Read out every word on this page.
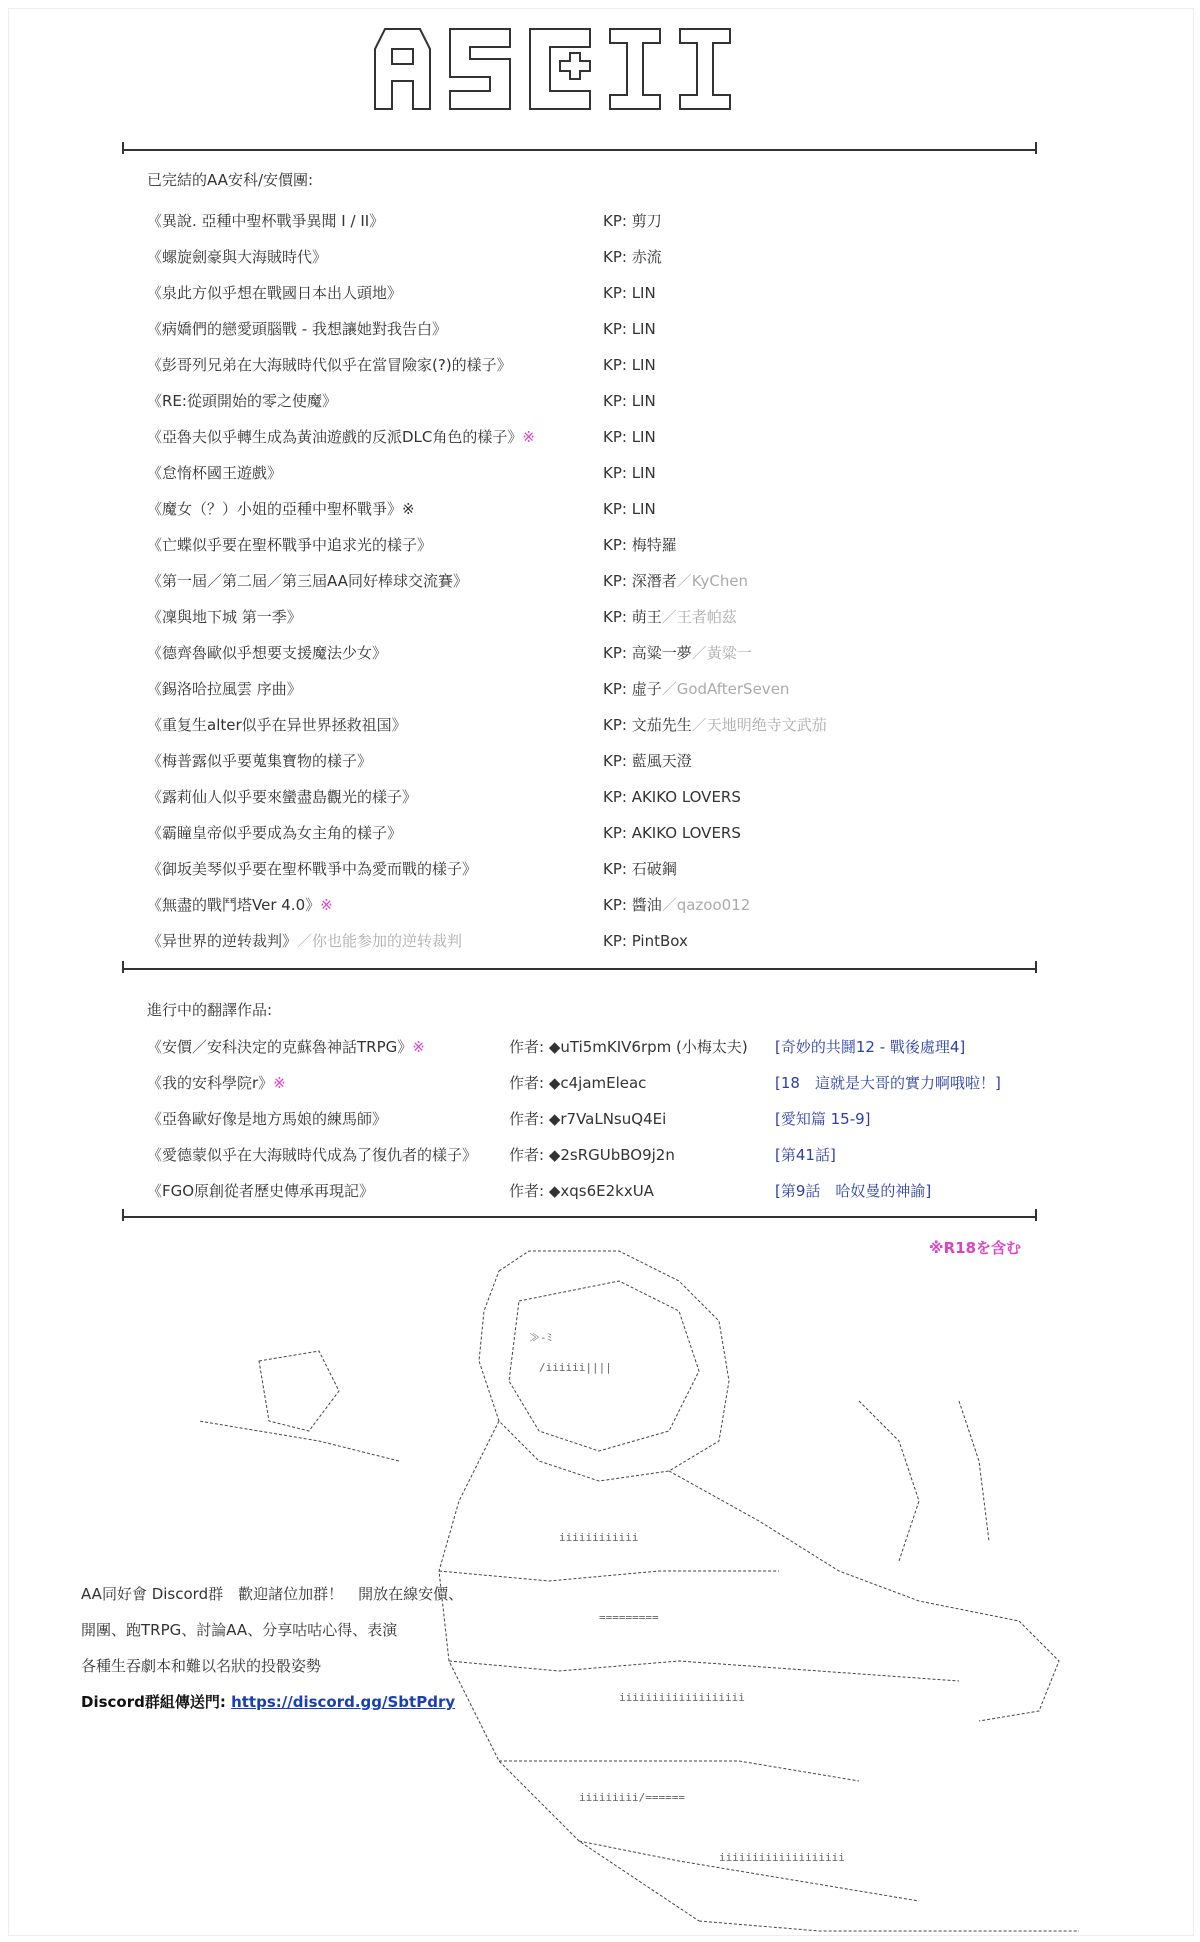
已完結的AA安科/安價團:
《異說. 亞種中聖杯戰爭異聞 I / II》	KP: 剪刀
《螺旋劍豪與大海賊時代》	KP: 赤流
《泉此方似乎想在戰國日本出人頭地》	KP: LIN
《病嬌們的戀愛頭腦戰 - 我想讓她對我告白》	KP: LIN
《彭哥列兄弟在大海賊時代似乎在當冒險家(?)的樣子》	KP: LIN
《RE:從頭開始的零之使魔》	KP: LIN
《亞魯夫似乎轉生成為黃油遊戲的反派DLC角色的樣子》※	KP: LIN
《怠惰杯國王遊戲》	KP: LIN
《魔女（？）小姐的亞種中聖杯戰爭》※	KP: LIN
《亡蝶似乎要在聖杯戰爭中追求光的樣子》	KP: 梅特羅
《第一屆／第二屆／第三屆AA同好棒球交流賽》	KP: 深潛者／KyChen
《凜與地下城 第一季》	KP: 萌王／王者帕茲
《德齊魯歐似乎想要支援魔法少女》	KP: 高粱一夢／黃粱一
《錫洛哈拉風雲 序曲》	KP: 虛子／GodAfterSeven
《重复生alter似乎在异世界拯救祖国》	KP: 文茄先生／天地明绝寺文武茄
《梅普露似乎要蒐集寶物的樣子》	KP: 藍風天澄
《露莉仙人似乎要來蠻盡島觀光的樣子》	KP: AKIKO LOVERS
《霸瞳皇帝似乎要成為女主角的樣子》	KP: AKIKO LOVERS
《御坂美琴似乎要在聖杯戰爭中為愛而戰的樣子》	KP: 石破鋼
《無盡的戰鬥塔Ver 4.0》※	KP: 醬油／qazoo012
《异世界的逆转裁判》／你也能参加的逆转裁判	KP: PintBox
進行中的翻譯作品:
《安價／安科決定的克蘇魯神話TRPG》※	作者: ◆uTi5mKIV6rpm (小梅太夫) [奇妙的共鬪12 - 戰後處理4]
《我的安科學院r》※	作者: ◆c4jamEleac	[18　這就是大哥的實力啊哦啦！]
《亞魯歐好像是地方馬娘的練馬師》	作者: ◆r7VaLNsuQ4Ei	[愛知篇 15-9]
《愛德蒙似乎在大海賊時代成為了復仇者的樣子》 作者: ◆2sRGUbBO9j2n	[第41話]
《FGO原創從者歷史傳承再現記》	作者: ◆xqs6E2kxUA	[第9話　哈奴曼的神諭]
※R18を含む
≫-ﾐ
/iiiiii||||
iiiiiiiiiiii
=========
iiiiiiiiiiiiiiiiiii
iiiiiiiii/======
iiiiiiiiiiiiiiiiiii
AA同好會 Discord群　歡迎諸位加群！　開放在線安價、
開團、跑TRPG、討論AA、分享咕咕心得、表演
各種生吞劇本和難以名狀的投骰姿勢
Discord群組傳送門: https://discord.gg/SbtPdry
